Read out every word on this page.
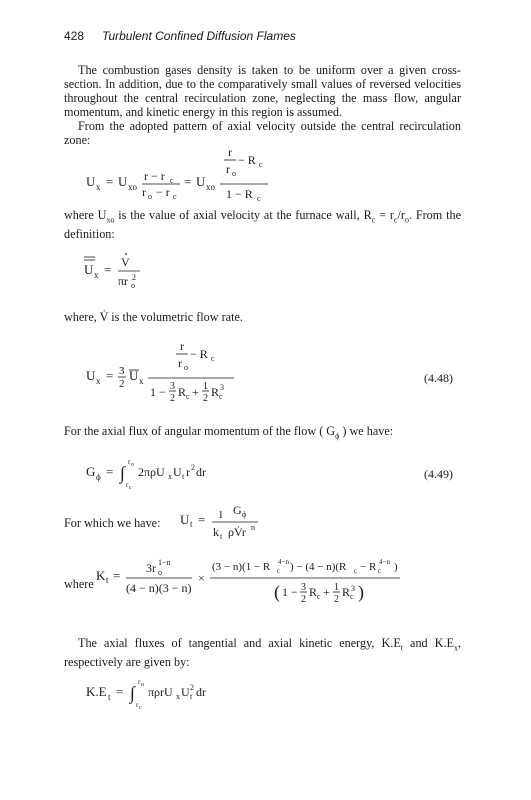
428 Turbulent Confined Diffusion Flames
The combustion gases density is taken to be uniform over a given cross-section. In addition, due to the comparatively small values of reversed velocities throughout the central recirculation zone, neglecting the mass flow, angular momentum, and kinetic energy in this region is assumed.
From the adopted pattern of axial velocity outside the central recirculation zone:
U x = U xo
r − r c
r o − r c
= U xo
r
− R c
r o
1 − R c
where $U_{xo}$ is the value of axial velocity at the furnace wall, $R_c = r_c/r_o$. From the definition:
U x = V
πr o
2
where, V̇ is the volumetric flow rate.
U x = 3
2
U x
r
− R c
r o
1 − 3
2 R c + 1
2 R c
3
(4.48)
For the axial flux of angular momentum of the flow ( $G_\phi$ ) we have:
G ϕ = ∫
r o
r c
2πρU x U t r 2 dr	(4.49)
For which we have: U t = 1 G ϕ
k t ρV̇r n
where
K t = 3r o
1−n
(4 − n)(3 − n)
×
(3 − n)(1 − R c
4−n ) − (4 − n)(R c − R c
4−n )
( 1 − 3
2
R c + 1
2
R c
3 )
The axial fluxes of tangential and axial kinetic energy, $K.E_t$ and $K.E_x$, respectively are given by:
K.E t = ∫
r o
r c
πρrU x U t
2 dr
